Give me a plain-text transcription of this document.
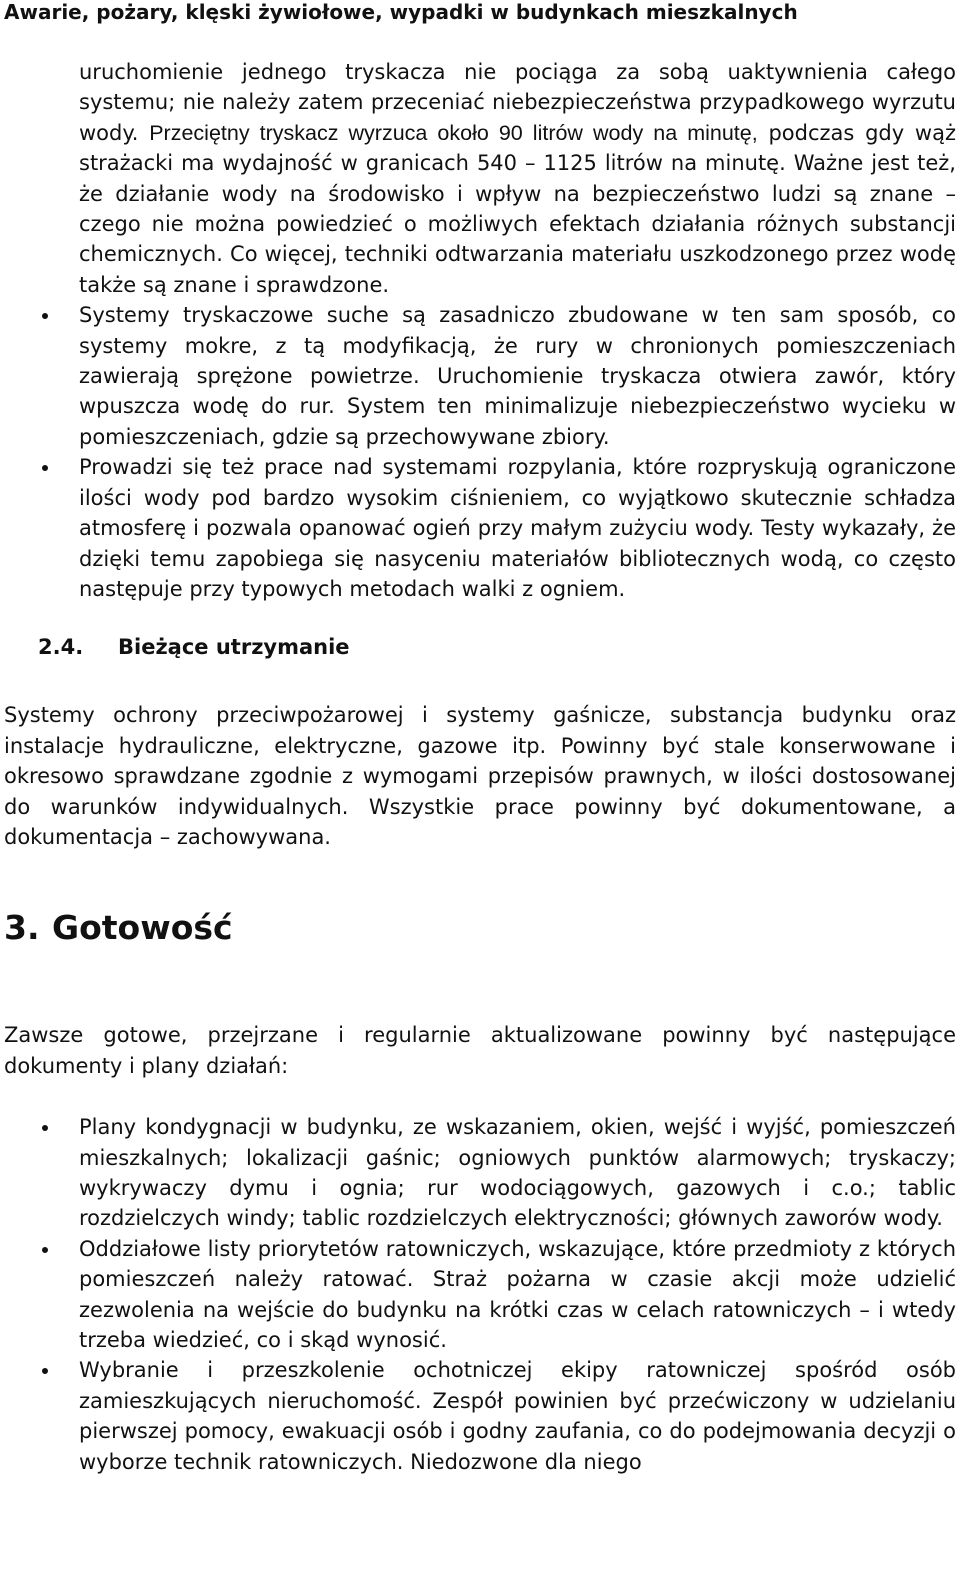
Awarie, pożary, klęski żywiołowe, wypadki w budynkach mieszkalnych

uruchomienie jednego tryskacza nie pociąga za sobą uaktywnienia całego systemu; nie należy zatem przeceniać niebezpieczeństwa przypadkowego wyrzutu wody. Przeciętny tryskacz wyrzuca około 90 litrów wody na minutę, podczas gdy wąż strażacki ma wydajność w granicach 540 – 1125 litrów na minutę. Ważne jest też, że działanie wody na środowisko i wpływ na bezpieczeństwo ludzi są znane – czego nie można powiedzieć o możliwych efektach działania różnych substancji chemicznych. Co więcej, techniki odtwarzania materiału uszkodzonego przez wodę także są znane i sprawdzone.

Systemy tryskaczowe suche są zasadniczo zbudowane w ten sam sposób, co systemy mokre, z tą modyfikacją, że rury w chronionych pomieszczeniach zawierają sprężone powietrze. Uruchomienie tryskacza otwiera zawór, który wpuszcza wodę do rur. System ten minimalizuje niebezpieczeństwo wycieku w pomieszczeniach, gdzie są przechowywane zbiory.
Prowadzi się też prace nad systemami rozpylania, które rozpryskują ograniczone ilości wody pod bardzo wysokim ciśnieniem, co wyjątkowo skutecznie schładza atmosferę i pozwala opanować ogień przy małym zużyciu wody. Testy wykazały, że dzięki temu zapobiega się nasyceniu materiałów bibliotecznych wodą, co często następuje przy typowych metodach walki z ogniem.
2.4. Bieżące utrzymanie

Systemy ochrony przeciwpożarowej i systemy gaśnicze, substancja budynku oraz instalacje hydrauliczne, elektryczne, gazowe itp. Powinny być stale konserwowane i okresowo sprawdzane zgodnie z wymogami przepisów prawnych, w ilości dostosowanej do warunków indywidualnych. Wszystkie prace powinny być dokumentowane, a dokumentacja – zachowywana.

3. Gotowość

Zawsze gotowe, przejrzane i regularnie aktualizowane powinny być następujące dokumenty i plany działań:

Plany kondygnacji w budynku, ze wskazaniem, okien, wejść i wyjść, pomieszczeń mieszkalnych; lokalizacji gaśnic; ogniowych punktów alarmowych; tryskaczy; wykrywaczy dymu i ognia; rur wodociągowych, gazowych i c.o.; tablic rozdzielczych windy; tablic rozdzielczych elektryczności; głównych zaworów wody.
Oddziałowe listy priorytetów ratowniczych, wskazujące, które przedmioty z których pomieszczeń należy ratować. Straż pożarna w czasie akcji może udzielić zezwolenia na wejście do budynku na krótki czas w celach ratowniczych – i wtedy trzeba wiedzieć, co i skąd wynosić.
Wybranie i przeszkolenie ochotniczej ekipy ratowniczej spośród osób zamieszkujących nieruchomość. Zespół powinien być przećwiczony w udzielaniu pierwszej pomocy, ewakuacji osób i godny zaufania, co do podejmowania decyzji o wyborze technik ratowniczych. Niedozwone dla niego
